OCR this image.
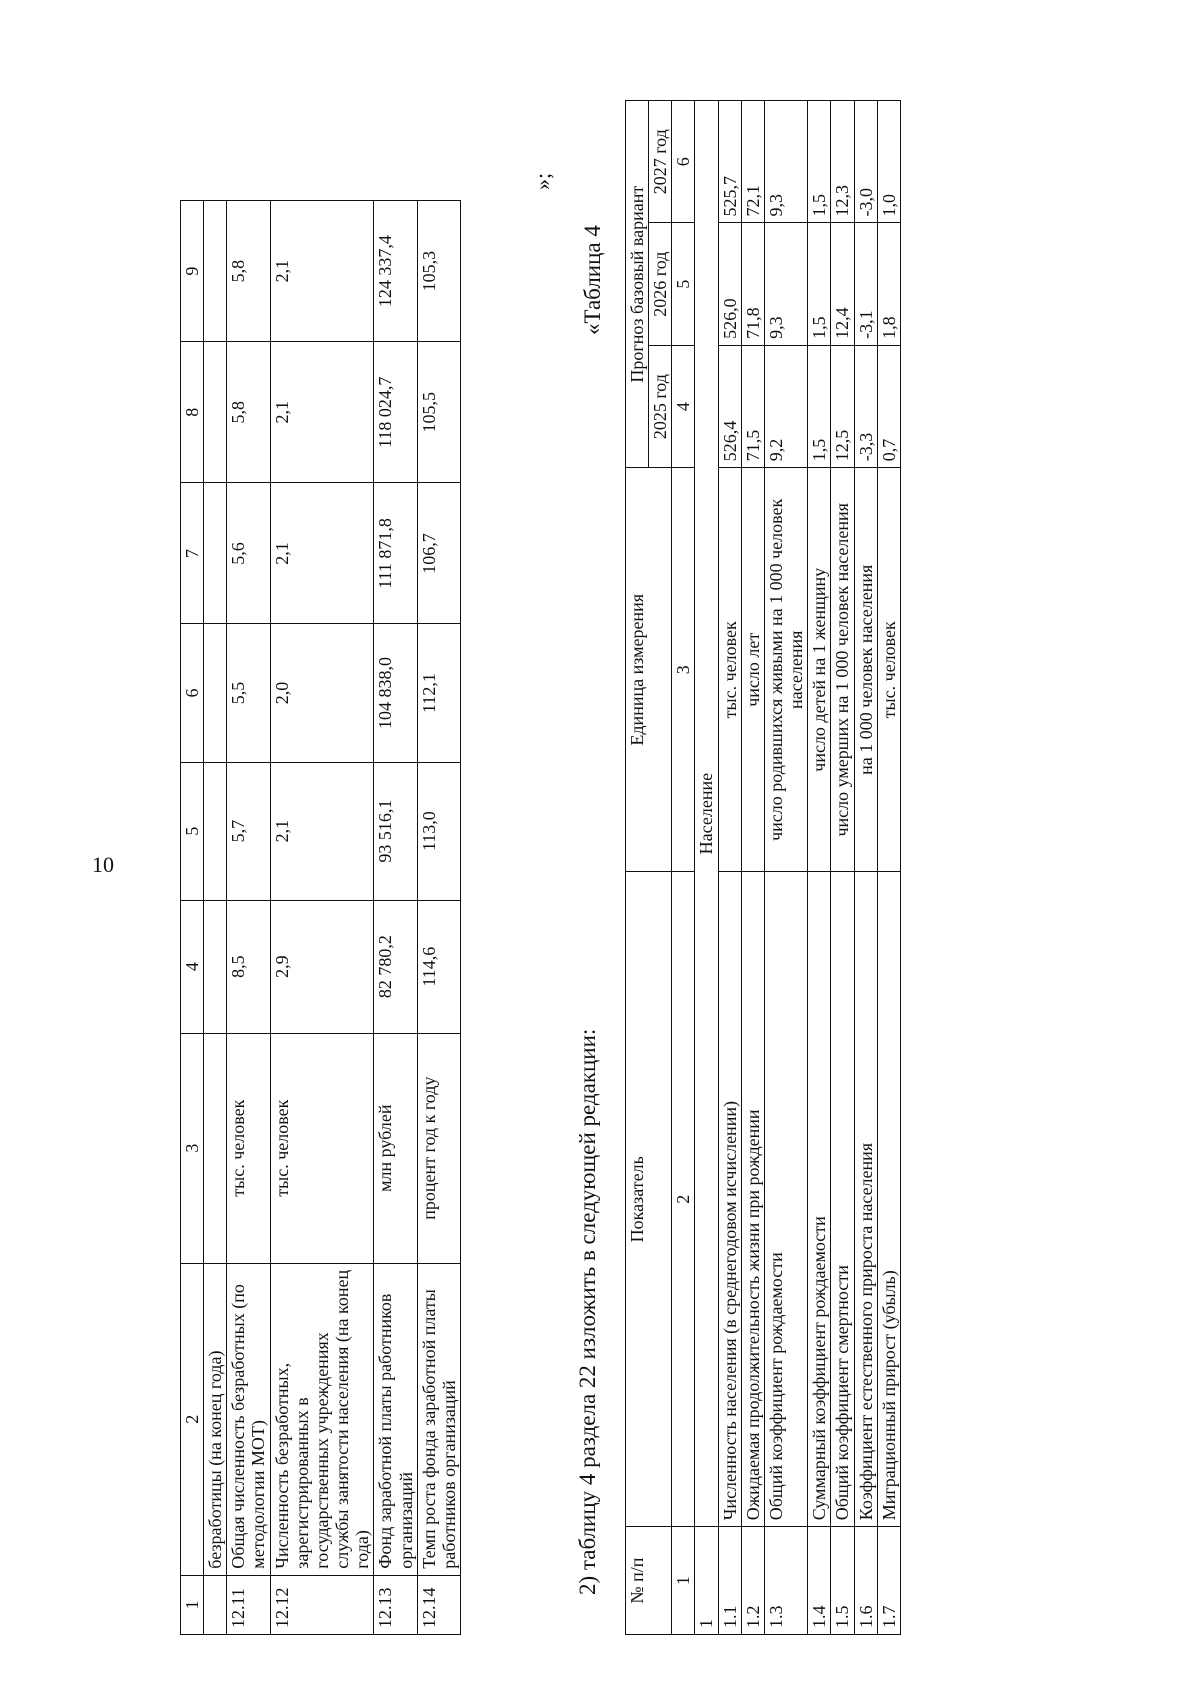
10
1	2	3	4	5	6	7	8	9
	безработицы (на конец года)							
12.11	Общая численность безработных (по методологии МОТ)	тыс. человек	8,5	5,7	5,5	5,6	5,8	5,8
12.12	Численность безработных, зарегистрированных в государственных учреждениях службы занятости населения (на конец года)	тыс. человек	2,9	2,1	2,0	2,1	2,1	2,1
12.13	Фонд заработной платы работников организаций	млн рублей	82 780,2	93 516,1	104 838,0	111 871,8	118 024,7	124 337,4
12.14	Темп роста фонда заработной платы работников организаций	процент год к году	114,6	113,0	112,1	106,7	105,5	105,3
»;
2) таблицу 4 раздела 22 изложить в следующей редакции:
«Таблица 4
№ п/п	Показатель	Единица измерения	Прогноз базовый вариант		
			2025 год	2026 год	2027 год
1	2	3	4	5	6
1	Население				
1.1	Численность населения (в среднегодовом исчислении)	тыс. человек	526,4	526,0	525,7
1.2	Ожидаемая продолжительность жизни при рождении	число лет	71,5	71,8	72,1
1.3	Общий коэффициент рождаемости	число родившихся живыми на 1 000 человек населения	9,2	9,3	9,3
1.4	Суммарный коэффициент рождаемости	число детей на 1 женщину	1,5	1,5	1,5
1.5	Общий коэффициент смертности	число умерших на 1 000 человек населения	12,5	12,4	12,3
1.6	Коэффициент естественного прироста населения	на 1 000 человек населения	-3,3	-3,1	-3,0
1.7	Миграционный прирост (убыль)	тыс. человек	0,7	1,8	1,0
